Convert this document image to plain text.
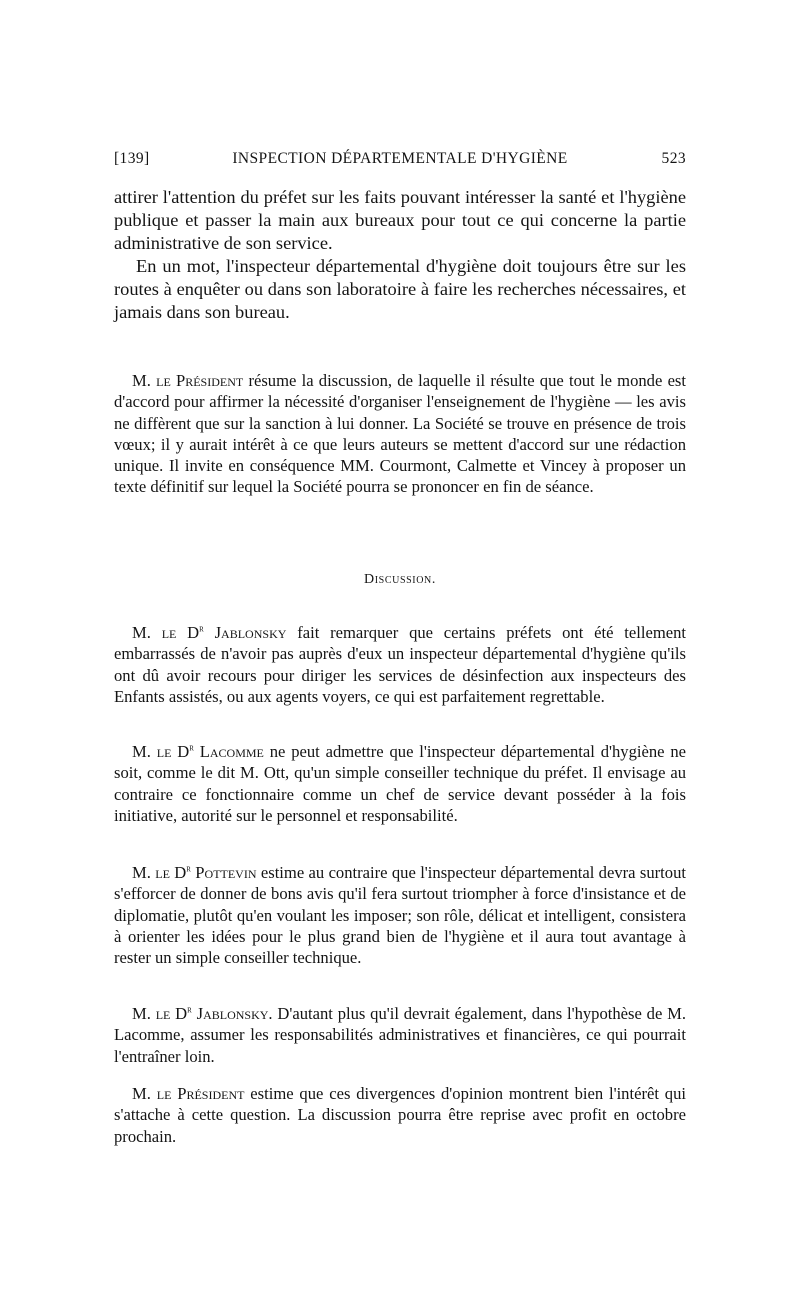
[139]	INSPECTION DÉPARTEMENTALE D'HYGIÈNE	523

attirer l'attention du préfet sur les faits pouvant intéresser la santé et l'hygiène publique et passer la main aux bureaux pour tout ce qui concerne la partie administrative de son service.

En un mot, l'inspecteur départemental d'hygiène doit toujours être sur les routes à enquêter ou dans son laboratoire à faire les recherches nécessaires, et jamais dans son bureau.

M. le Président résume la discussion, de laquelle il résulte que tout le monde est d'accord pour affirmer la nécessité d'organiser l'enseignement de l'hygiène — les avis ne diffèrent que sur la sanction à lui donner. La Société se trouve en présence de trois vœux; il y aurait intérêt à ce que leurs auteurs se mettent d'accord sur une rédaction unique. Il invite en conséquence MM. Courmont, Calmette et Vincey à proposer un texte définitif sur lequel la Société pourra se prononcer en fin de séance.

Discussion.

M. le $D^r$ Jablonsky fait remarquer que certains préfets ont été tellement embarrassés de n'avoir pas auprès d'eux un inspecteur départemental d'hygiène qu'ils ont dû avoir recours pour diriger les services de désinfection aux inspecteurs des Enfants assistés, ou aux agents voyers, ce qui est parfaitement regrettable.

M. le $D^r$ Lacomme ne peut admettre que l'inspecteur départemental d'hygiène ne soit, comme le dit M. Ott, qu'un simple conseiller technique du préfet. Il envisage au contraire ce fonctionnaire comme un chef de service devant posséder à la fois initiative, autorité sur le personnel et responsabilité.

M. le $D^r$ Pottevin estime au contraire que l'inspecteur départemental devra surtout s'efforcer de donner de bons avis qu'il fera surtout triompher à force d'insistance et de diplomatie, plutôt qu'en voulant les imposer; son rôle, délicat et intelligent, consistera à orienter les idées pour le plus grand bien de l'hygiène et il aura tout avantage à rester un simple conseiller technique.

M. le $D^r$ Jablonsky. D'autant plus qu'il devrait également, dans l'hypothèse de M. Lacomme, assumer les responsabilités administratives et financières, ce qui pourrait l'entraîner loin.

M. le Président estime que ces divergences d'opinion montrent bien l'intérêt qui s'attache à cette question. La discussion pourra être reprise avec profit en octobre prochain.
